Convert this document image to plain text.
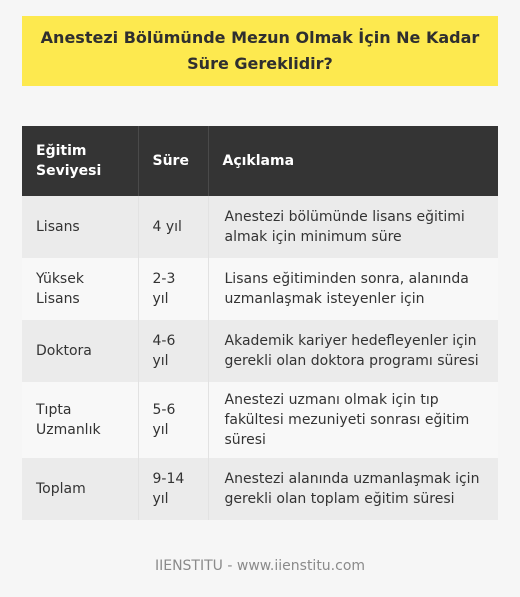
Anestezi Bölümünde Mezun Olmak İçin Ne Kadar Süre Gereklidir?
Eğitim Seviyesi	Süre	Açıklama
Lisans	4 yıl	Anestezi bölümünde lisans eğitimi almak için minimum süre
Yüksek Lisans	2-3 yıl	Lisans eğitiminden sonra, alanında uzmanlaşmak isteyenler için
Doktora	4-6 yıl	Akademik kariyer hedefleyenler için gerekli olan doktora programı süresi
Tıpta Uzmanlık	5-6 yıl	Anestezi uzmanı olmak için tıp fakültesi mezuniyeti sonrası eğitim süresi
Toplam	9-14 yıl	Anestezi alanında uzmanlaşmak için gerekli olan toplam eğitim süresi
IIENSTITU - www.iienstitu.com
